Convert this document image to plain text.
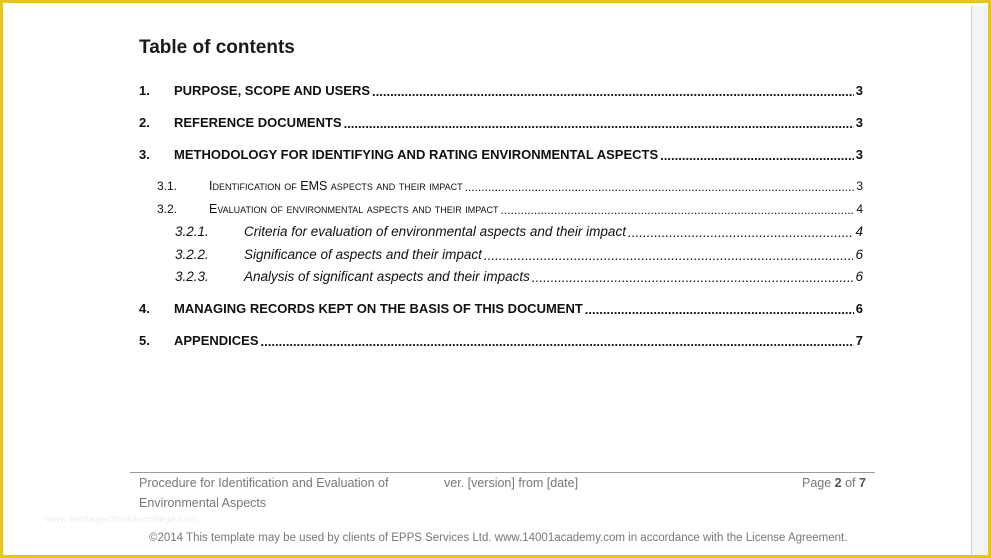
Table of contents
1.	PURPOSE, SCOPE AND USERS .....	3
2.	REFERENCE DOCUMENTS .....	3
3.	METHODOLOGY FOR IDENTIFYING AND RATING ENVIRONMENTAL ASPECTS .....	3
3.1.	Identification of EMS aspects and their impact .....	3
3.2.	Evaluation of environmental aspects and their impact .....	4
3.2.1.	Criteria for evaluation of environmental aspects and their impact .....	4
3.2.2.	Significance of aspects and their impact .....	6
3.2.3.	Analysis of significant aspects and their impacts .....	6
4.	MANAGING RECORDS KEPT ON THE BASIS OF THIS DOCUMENT .....	6
5.	APPENDICES .....	7
Procedure for Identification and Evaluation of Environmental Aspects
ver. [version] from [date]	Page 2 of 7
www.heritagechristiancollege.com
©2014 This template may be used by clients of EPPS Services Ltd. www.14001academy.com in accordance with the License Agreement.
